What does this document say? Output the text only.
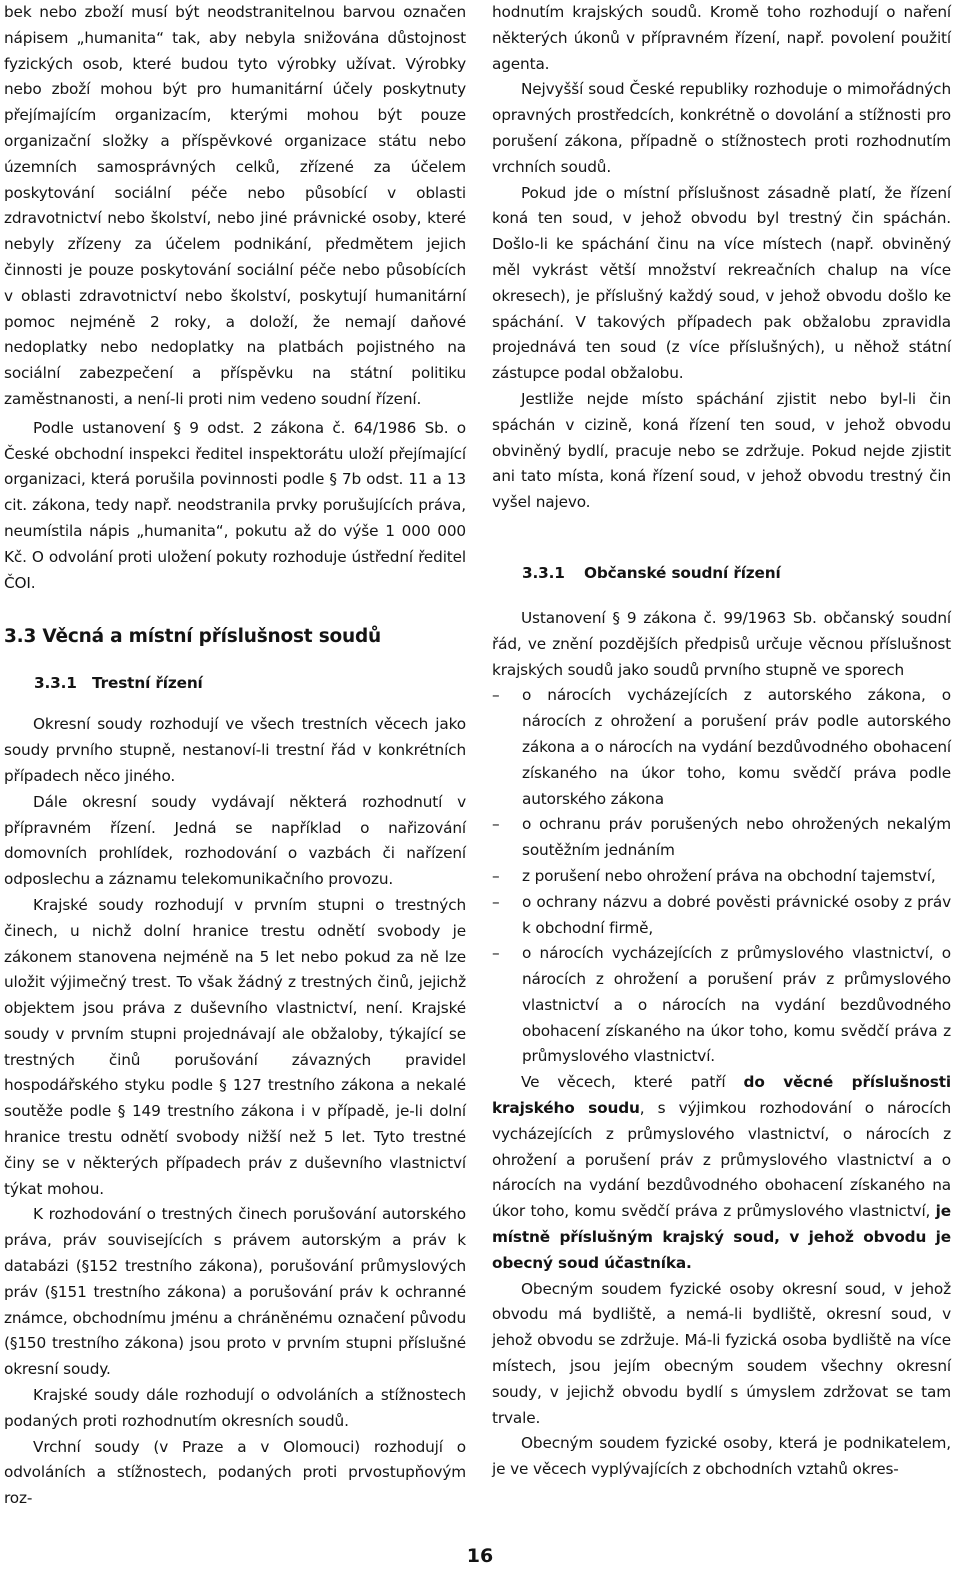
bek nebo zboží musí být neodstranitelnou barvou označen nápisem „humanita“ tak, aby nebyla snižována důstojnost fyzických osob, které budou tyto výrobky užívat. Výrobky nebo zboží mohou být pro humanitární účely poskytnuty přejímajícím organizacím, kterými mohou být pouze organizační složky a příspěvkové organizace státu nebo územních samosprávných celků, zřízené za účelem poskytování sociální péče nebo působící v oblasti zdravotnictví nebo školství, nebo jiné právnické osoby, které nebyly zřízeny za účelem podnikání, předmětem jejich činnosti je pouze poskytování sociální péče nebo působících v oblasti zdravotnictví nebo školství, poskytují humanitární pomoc nejméně 2 roky, a doloží, že nemají daňové nedoplatky nebo nedoplatky na platbách pojistného na sociální zabezpečení a příspěvku na státní politiku zaměstnanosti, a není-li proti nim vedeno soudní řízení.

Podle ustanovení § 9 odst. 2 zákona č. 64/1986 Sb. o České obchodní inspekci ředitel inspektorátu uloží přejímající organizaci, která porušila povinnosti podle § 7b odst. 11 a 13 cit. zákona, tedy např. neodstranila prvky porušujících práva, neumístila nápis „humanita“, pokutu až do výše 1 000 000 Kč. O odvolání proti uložení pokuty rozhoduje ústřední ředitel ČOI.

3.3 Věcná a místní příslušnost soudů
3.3.1 Trestní řízení

Okresní soudy rozhodují ve všech trestních věcech jako soudy prvního stupně, nestanoví-li trestní řád v konkrétních případech něco jiného.

Dále okresní soudy vydávají některá rozhodnutí v přípravném řízení. Jedná se například o nařizování domovních prohlídek, rozhodování o vazbách či nařízení odposlechu a záznamu telekomunikačního provozu.

Krajské soudy rozhodují v prvním stupni o trestných činech, u nichž dolní hranice trestu odnětí svobody je zákonem stanovena nejméně na 5 let nebo pokud za ně lze uložit výjimečný trest. To však žádný z trestných činů, jejichž objektem jsou práva z duševního vlastnictví, není. Krajské soudy v prvním stupni projednávají ale obžaloby, týkající se trestných činů porušování závazných pravidel hospodářského styku podle § 127 trestního zákona a nekalé soutěže podle § 149 trestního zákona i v případě, je-li dolní hranice trestu odnětí svobody nižší než 5 let. Tyto trestné činy se v některých případech práv z duševního vlastnictví týkat mohou.

K rozhodování o trestných činech porušování autorského práva, práv souvisejících s právem autorským a práv k databázi (§152 trestního zákona), porušování průmyslových práv (§151 trestního zákona) a porušování práv k ochranné známce, obchodnímu jménu a chráněnému označení původu (§150 trestního zákona) jsou proto v prvním stupni příslušné okresní soudy.

Krajské soudy dále rozhodují o odvoláních a stížnostech podaných proti rozhodnutím okresních soudů.

Vrchní soudy (v Praze a v Olomouci) rozhodují o odvoláních a stížnostech, podaných proti prvostupňovým roz-

hodnutím krajských soudů. Kromě toho rozhodují o naření některých úkonů v přípravném řízení, např. povolení použití agenta.

Nejvyšší soud České republiky rozhoduje o mimořádných opravných prostředcích, konkrétně o dovolání a stížnosti pro porušení zákona, případně o stížnostech proti rozhodnutím vrchních soudů.

Pokud jde o místní příslušnost zásadně platí, že řízení koná ten soud, v jehož obvodu byl trestný čin spáchán. Došlo-li ke spáchání činu na více místech (např. obviněný měl vykrást větší množství rekreačních chalup na více okresech), je příslušný každý soud, v jehož obvodu došlo ke spáchání. V takových případech pak obžalobu zpravidla projednává ten soud (z více příslušných), u něhož státní zástupce podal obžalobu.

Jestliže nejde místo spáchání zjistit nebo byl-li čin spáchán v cizině, koná řízení ten soud, v jehož obvodu obviněný bydlí, pracuje nebo se zdržuje. Pokud nejde zjistit ani tato místa, koná řízení soud, v jehož obvodu trestný čin vyšel najevo.

3.3.1 Občanské soudní řízení

Ustanovení § 9 zákona č. 99/1963 Sb. občanský soudní řád, ve znění pozdějších předpisů určuje věcnou příslušnost krajských soudů jako soudů prvního stupně ve sporech

– o nárocích vycházejících z autorského zákona, o nárocích z ohrožení a porušení práv podle autorského zákona a o nárocích na vydání bezdůvodného obohacení získaného na úkor toho, komu svědčí práva podle autorského zákona
– o ochranu práv porušených nebo ohrožených nekalým soutěžním jednáním
– z porušení nebo ohrožení práva na obchodní tajemství,
– o ochrany názvu a dobré pověsti právnické osoby z práv k obchodní firmě,
– o nárocích vycházejících z průmyslového vlastnictví, o nárocích z ohrožení a porušení práv z průmyslového vlastnictví a o nárocích na vydání bezdůvodného obohacení získaného na úkor toho, komu svědčí práva z průmyslového vlastnictví.

Ve věcech, které patří do věcné příslušnosti krajského soudu, s výjimkou rozhodování o nárocích vycházejících z průmyslového vlastnictví, o nárocích z ohrožení a porušení práv z průmyslového vlastnictví a o nárocích na vydání bezdůvodného obohacení získaného na úkor toho, komu svědčí práva z průmyslového vlastnictví, je místně příslušným krajský soud, v jehož obvodu je obecný soud účastníka.

Obecným soudem fyzické osoby okresní soud, v jehož obvodu má bydliště, a nemá-li bydliště, okresní soud, v jehož obvodu se zdržuje. Má-li fyzická osoba bydliště na více místech, jsou jejím obecným soudem všechny okresní soudy, v jejichž obvodu bydlí s úmyslem zdržovat se tam trvale.

Obecným soudem fyzické osoby, která je podnikatelem, je ve věcech vyplývajících z obchodních vztahů okres-

16
